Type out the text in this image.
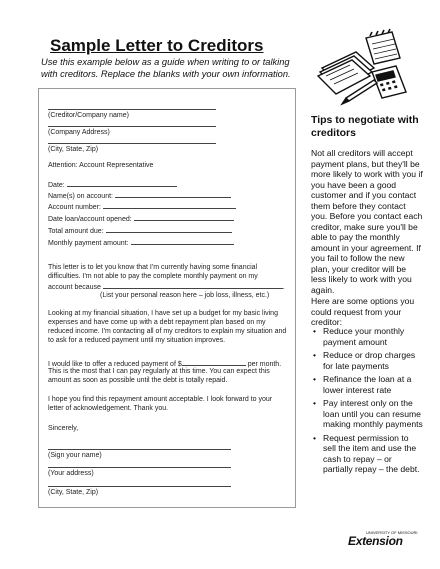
Sample Letter to Creditors
Use this example below as a guide when writing to or talking with creditors. Replace the blanks with your own information.
(Creditor/Company name)
(Company Address)
(City, State, Zip)
Attention: Account Representative
Date:
Name(s) on account:
Account number:
Date loan/account opened:
Total amount due:
Monthly payment amount:
This letter is to let you know that I'm currently having some financial difficulties. I'm not able to pay the complete monthly payment on my
account because	.
(List your personal reason here – job loss, illness, etc.)
Looking at my financial situation, I have set up a budget for my basic living expenses and have come up with a debt repayment plan based on my reduced income. I'm contacting all of my creditors to explain my situation and to ask for a reduced payment until my situation improves.
I would like to offer a reduced payment of $	per month.
This is the most that I can pay regularly at this time. You can expect this amount as soon as possible until the debt is totally repaid.
I hope you find this repayment amount acceptable. I look forward to your letter of acknowledgement. Thank you.
Sincerely,
(Sign your name)
(Your address)
(City, State, Zip)
Tips to negotiate with creditors
Not all creditors will accept payment plans, but they'll be more likely to work with you if you have been a good customer and if you contact them before they contact you. Before you contact each creditor, make sure you'll be able to pay the monthly amount in your agreement. If you fail to follow the new plan, your creditor will be less likely to work with you again.
Here are some options you could request from your creditor:
• Reduce your monthly payment amount
• Reduce or drop charges for late payments
• Refinance the loan at a lower interest rate
• Pay interest only on the loan until you can resume making monthly payments
• Request permission to sell the item and use the cash to repay – or partially repay – the debt.
UNIVERSITY OF MISSOURI
Extension
